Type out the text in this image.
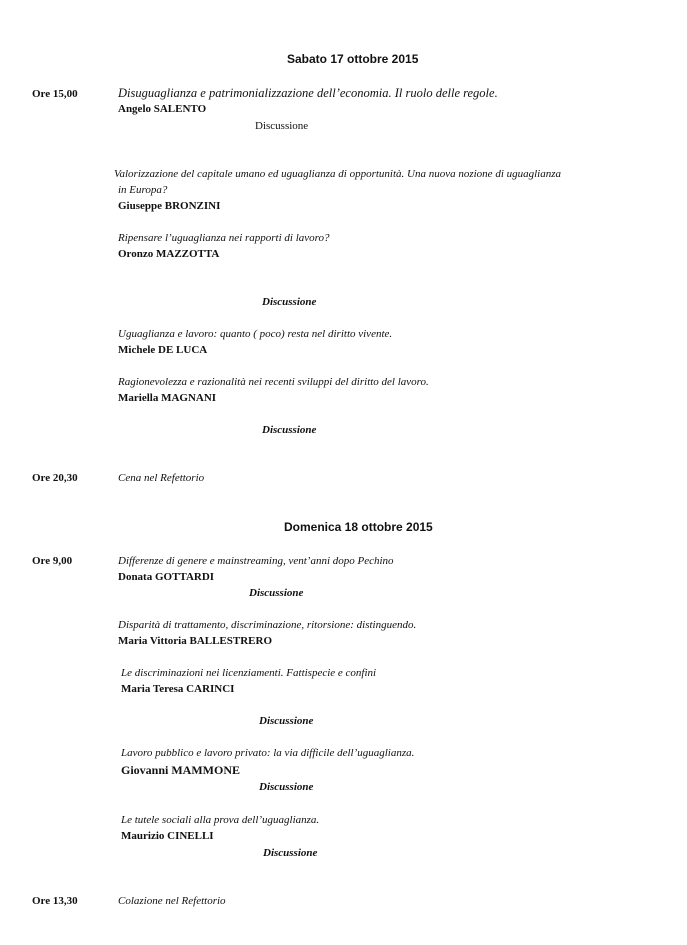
Sabato 17 ottobre 2015
Ore 15,00	Disuguaglianza e patrimonializzazione dell’economia. Il ruolo delle regole.
Angelo SALENTO
Discussione
Valorizzazione del capitale umano ed uguaglianza di opportunità. Una nuova nozione di uguaglianza
in Europa?
Giuseppe BRONZINI
Ripensare l’uguaglianza nei rapporti di lavoro?
Oronzo MAZZOTTA
Discussione
Uguaglianza e lavoro: quanto ( poco) resta nel diritto vivente.
Michele DE LUCA
Ragionevolezza e razionalità nei recenti sviluppi del diritto del lavoro.
Mariella MAGNANI
Discussione
Ore 20,30	Cena nel Refettorio
Domenica 18 ottobre 2015
Ore 9,00	Differenze di genere e mainstreaming, vent’anni dopo Pechino
Donata GOTTARDI
Discussione
Disparità di trattamento, discriminazione, ritorsione: distinguendo.
Maria Vittoria BALLESTRERO
Le discriminazioni nei licenziamenti. Fattispecie e confini
Maria Teresa CARINCI
Discussione
Lavoro pubblico e lavoro privato: la via difficile dell’uguaglianza.
Giovanni MAMMONE
Discussione
Le tutele sociali alla prova dell’uguaglianza.
Maurizio CINELLI
Discussione
Ore 13,30	Colazione nel Refettorio
